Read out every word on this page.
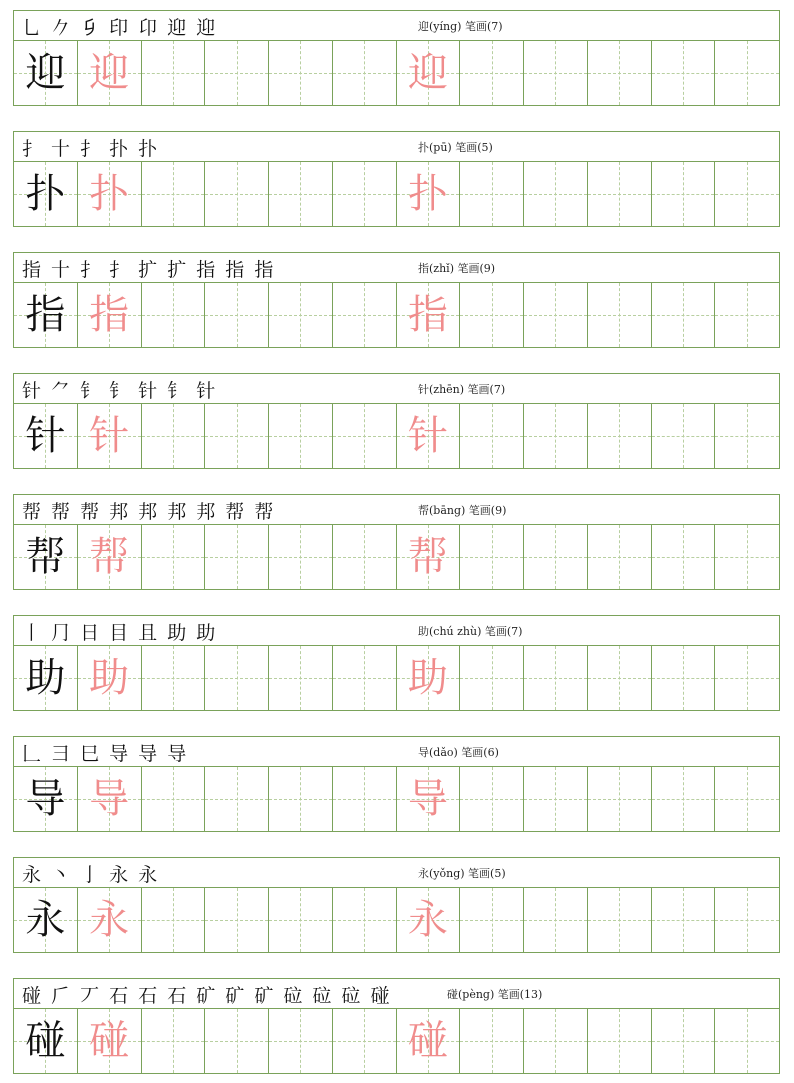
乚 𠂊 𠂎 印 卬 迎 迎	迎(yíng) 笔画(7)
迎 迎	迎
扌 十 扌 扑 扑	扑(pū) 笔画(5)
扑 扑	扑
指 十 扌 扌 扩 扩 指 指 指	指(zhǐ) 笔画(9)
指 指	指
针 ⺈ 钅 钅 针 钅 针	针(zhēn) 笔画(7)
针 针	针
帮 帮 帮 邦 邦 邦 邦 帮 帮	帮(bāng) 笔画(9)
帮 帮	帮
丨 ⺆ 日 目 且 助 助	助(chú zhù) 笔画(7)
助 助	助
𠃊 ⺕ 巳 导 导 导	导(dǎo) 笔画(6)
导 导	导
永 丶 亅 永 永	永(yǒng) 笔画(5)
永 永	永
碰 𠂆 丆 石 石 石 矿 矿 矿 砬 砬 砬 碰	碰(pèng) 笔画(13)
碰 碰	碰
